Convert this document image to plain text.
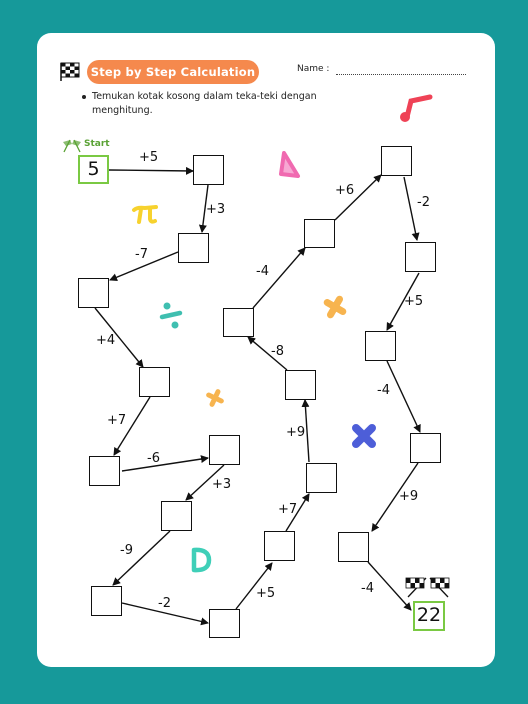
Step by Step Calculation	Name :
Temukan kotak kosong dalam teka-teki dengan menghitung.
Start
5
22
+5
+3
-7
+4
+7
-6
+3
-9
-2
+5
+7
+9
-8
-4
+6
-2
+5
-4
+9
-4
